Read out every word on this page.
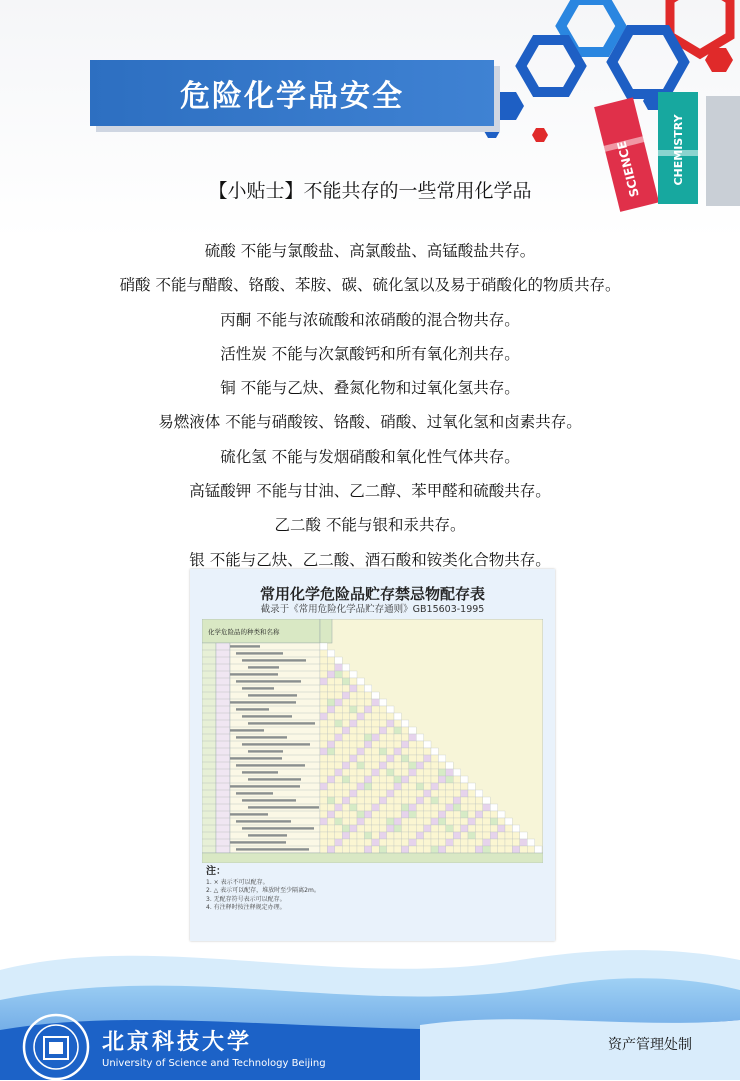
SCIENCE	CHEMISTRY
危险化学品安全
【小贴士】不能共存的一些常用化学品
硫酸 不能与氯酸盐、高氯酸盐、高锰酸盐共存。
硝酸 不能与醋酸、铬酸、苯胺、碳、硫化氢以及易于硝酸化的物质共存。
丙酮 不能与浓硫酸和浓硝酸的混合物共存。
活性炭 不能与次氯酸钙和所有氧化剂共存。
铜 不能与乙炔、叠氮化物和过氧化氢共存。
易燃液体 不能与硝酸铵、铬酸、硝酸、过氧化氢和卤素共存。
硫化氢 不能与发烟硝酸和氧化性气体共存。
高锰酸钾 不能与甘油、乙二醇、苯甲醛和硫酸共存。
乙二酸 不能与银和汞共存。
银 不能与乙炔、乙二酸、酒石酸和铵类化合物共存。
常用化学危险品贮存禁忌物配存表
截录于《常用危险化学品贮存通则》GB15603-1995
化学危险品的种类和名称
注：
1. × 表示不可以配存。
2. △ 表示可以配存，堆放时至少隔离2m。
3. 无配存符号表示可以配存。
4. 有注释时按注释规定办理。
北京科技大学
University of Science and Technology Beijing
资产管理处制
